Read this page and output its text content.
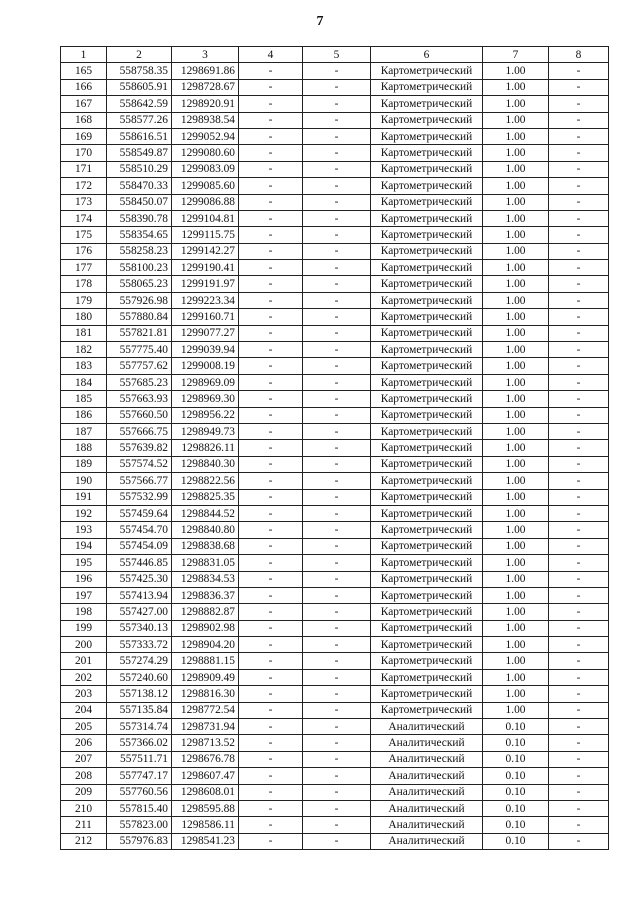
7
1	2	3	4	5	6	7	8
165	558758.35	1298691.86	-	-	Картометрический	1.00	-
166	558605.91	1298728.67	-	-	Картометрический	1.00	-
167	558642.59	1298920.91	-	-	Картометрический	1.00	-
168	558577.26	1298938.54	-	-	Картометрический	1.00	-
169	558616.51	1299052.94	-	-	Картометрический	1.00	-
170	558549.87	1299080.60	-	-	Картометрический	1.00	-
171	558510.29	1299083.09	-	-	Картометрический	1.00	-
172	558470.33	1299085.60	-	-	Картометрический	1.00	-
173	558450.07	1299086.88	-	-	Картометрический	1.00	-
174	558390.78	1299104.81	-	-	Картометрический	1.00	-
175	558354.65	1299115.75	-	-	Картометрический	1.00	-
176	558258.23	1299142.27	-	-	Картометрический	1.00	-
177	558100.23	1299190.41	-	-	Картометрический	1.00	-
178	558065.23	1299191.97	-	-	Картометрический	1.00	-
179	557926.98	1299223.34	-	-	Картометрический	1.00	-
180	557880.84	1299160.71	-	-	Картометрический	1.00	-
181	557821.81	1299077.27	-	-	Картометрический	1.00	-
182	557775.40	1299039.94	-	-	Картометрический	1.00	-
183	557757.62	1299008.19	-	-	Картометрический	1.00	-
184	557685.23	1298969.09	-	-	Картометрический	1.00	-
185	557663.93	1298969.30	-	-	Картометрический	1.00	-
186	557660.50	1298956.22	-	-	Картометрический	1.00	-
187	557666.75	1298949.73	-	-	Картометрический	1.00	-
188	557639.82	1298826.11	-	-	Картометрический	1.00	-
189	557574.52	1298840.30	-	-	Картометрический	1.00	-
190	557566.77	1298822.56	-	-	Картометрический	1.00	-
191	557532.99	1298825.35	-	-	Картометрический	1.00	-
192	557459.64	1298844.52	-	-	Картометрический	1.00	-
193	557454.70	1298840.80	-	-	Картометрический	1.00	-
194	557454.09	1298838.68	-	-	Картометрический	1.00	-
195	557446.85	1298831.05	-	-	Картометрический	1.00	-
196	557425.30	1298834.53	-	-	Картометрический	1.00	-
197	557413.94	1298836.37	-	-	Картометрический	1.00	-
198	557427.00	1298882.87	-	-	Картометрический	1.00	-
199	557340.13	1298902.98	-	-	Картометрический	1.00	-
200	557333.72	1298904.20	-	-	Картометрический	1.00	-
201	557274.29	1298881.15	-	-	Картометрический	1.00	-
202	557240.60	1298909.49	-	-	Картометрический	1.00	-
203	557138.12	1298816.30	-	-	Картометрический	1.00	-
204	557135.84	1298772.54	-	-	Картометрический	1.00	-
205	557314.74	1298731.94	-	-	Аналитический	0.10	-
206	557366.02	1298713.52	-	-	Аналитический	0.10	-
207	557511.71	1298676.78	-	-	Аналитический	0.10	-
208	557747.17	1298607.47	-	-	Аналитический	0.10	-
209	557760.56	1298608.01	-	-	Аналитический	0.10	-
210	557815.40	1298595.88	-	-	Аналитический	0.10	-
211	557823.00	1298586.11	-	-	Аналитический	0.10	-
212	557976.83	1298541.23	-	-	Аналитический	0.10	-
